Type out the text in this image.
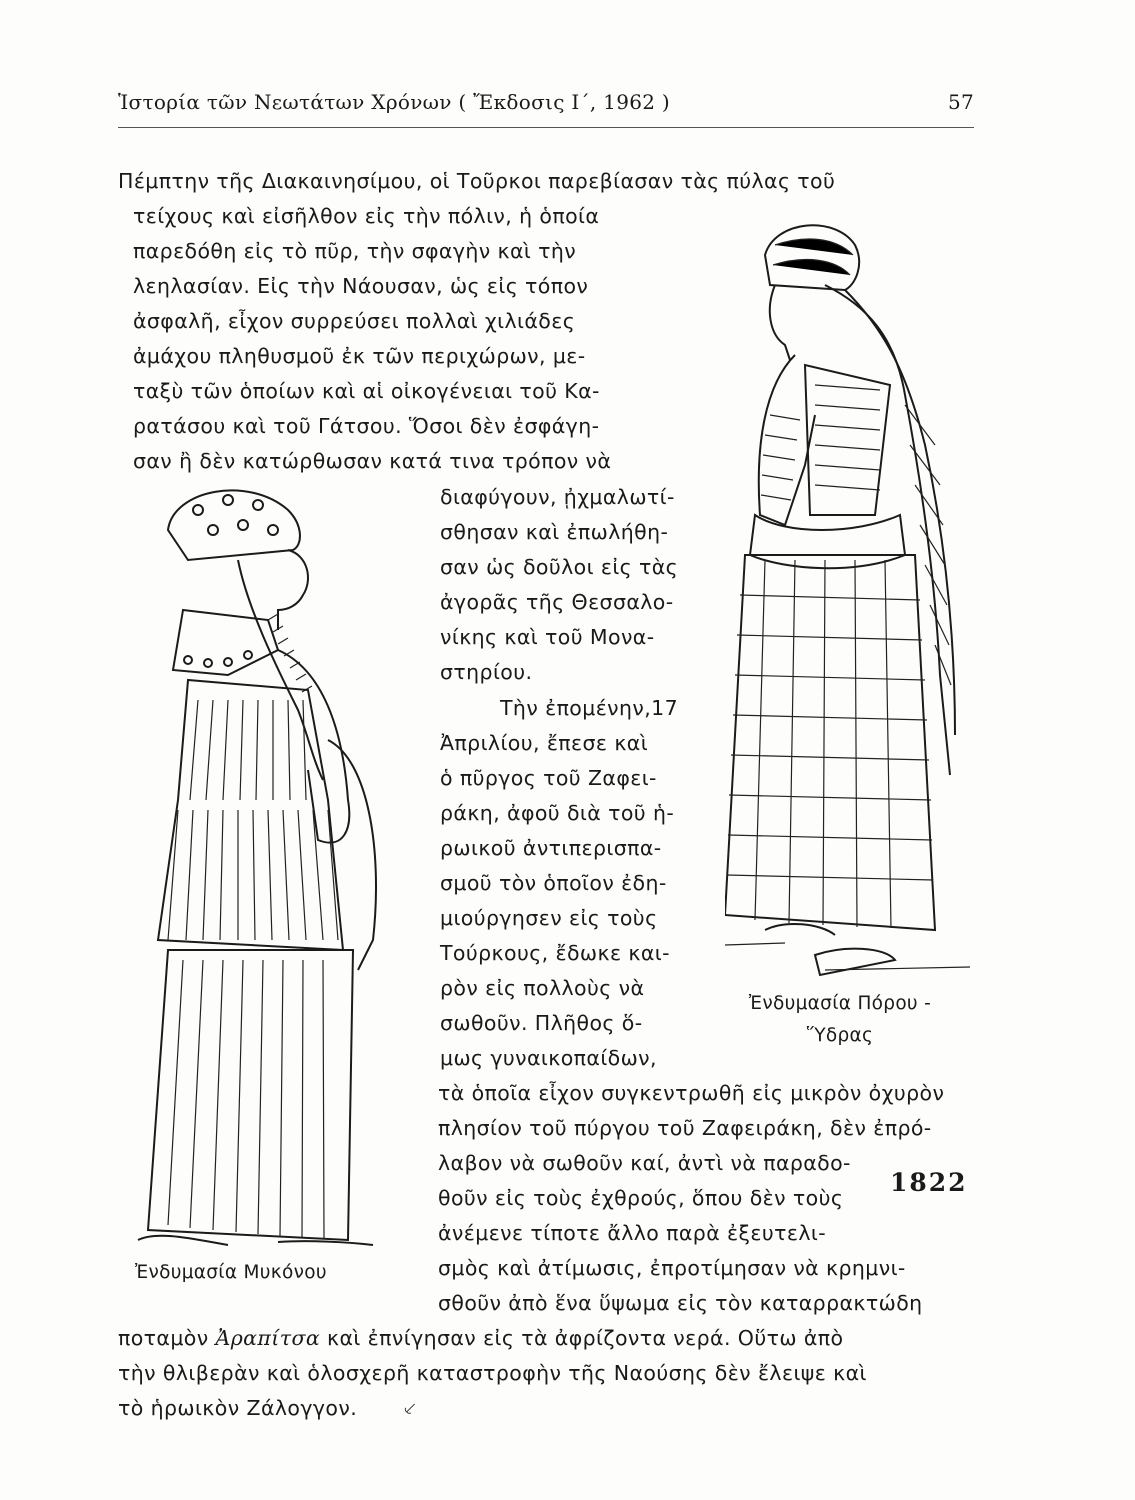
Ἱστορία τῶν Νεωτάτων Χρόνων ( Ἔκδοσις Ι΄, 1962 )	57
Πέμπτην τῆς Διακαινησίμου, οἱ Τοῦρκοι παρεβίασαν τὰς πύλας τοῦ
τείχους καὶ εἰσῆλθον εἰς τὴν πόλιν, ἡ ὁποία
παρεδόθη εἰς τὸ πῦρ, τὴν σφαγὴν καὶ τὴν
λεηλασίαν. Εἰς τὴν Νάουσαν, ὡς εἰς τόπον
ἀσφαλῆ, εἶχον συρρεύσει πολλαὶ χιλιάδες
ἀμάχου πληθυσμοῦ ἐκ τῶν περιχώρων, με-
ταξὺ τῶν ὁποίων καὶ αἱ οἰκογένειαι τοῦ Κα-
ρατάσου καὶ τοῦ Γάτσου. Ὅσοι δὲν ἐσφάγη-
σαν ἢ δὲν κατώρθωσαν κατά τινα τρόπον νὰ
διαφύγουν, ᾐχμαλωτί-
σθησαν καὶ ἐπωλήθη-
σαν ὡς δοῦλοι εἰς τὰς
ἀγορᾶς τῆς Θεσσαλο-
νίκης καὶ τοῦ Μονα-
στηρίου.
Τὴν ἐπομένην,17
Ἀπριλίου, ἔπεσε καὶ
ὁ πῦργος τοῦ Ζαφει-
ράκη, ἀφοῦ διὰ τοῦ ἡ-
ρωικοῦ ἀντιπερισπα-
σμοῦ τὸν ὁποῖον ἐδη-
μιούργησεν εἰς τοὺς
Τούρκους, ἔδωκε και-
ρὸν εἰς πολλοὺς νὰ
σωθοῦν. Πλῆθος ὅ-
μως γυναικοπαίδων,
τὰ ὁποῖα εἶχον συγκεντρωθῆ εἰς μικρὸν ὀχυρὸν
πλησίον τοῦ πύργου τοῦ Ζαφειράκη, δὲν ἐπρό-
λαβον νὰ σωθοῦν καί, ἀντὶ νὰ παραδο-
θοῦν εἰς τοὺς ἐχθρούς, ὅπου δὲν τοὺς
ἀνέμενε τίποτε ἄλλο παρὰ ἐξευτελι-
σμὸς καὶ ἀτίμωσις, ἐπροτίμησαν νὰ κρημνι-
σθοῦν ἀπὸ ἕνα ὕψωμα εἰς τὸν καταρρακτώδη
ποταμὸν Ἀραπίτσα καὶ ἐπνίγησαν εἰς τὰ ἀφρίζοντα νερά. Οὕτω ἀπὸ
τὴν θλιβερὰν καὶ ὁλοσχερῆ καταστροφὴν τῆς Ναούσης δὲν ἔλειψε καὶ
τὸ ἡρωικὸν Ζάλογγον. ⸔
1822
Ἐνδυμασία Μυκόνου
Ἐνδυμασία Πόρου -
Ὕδρας
